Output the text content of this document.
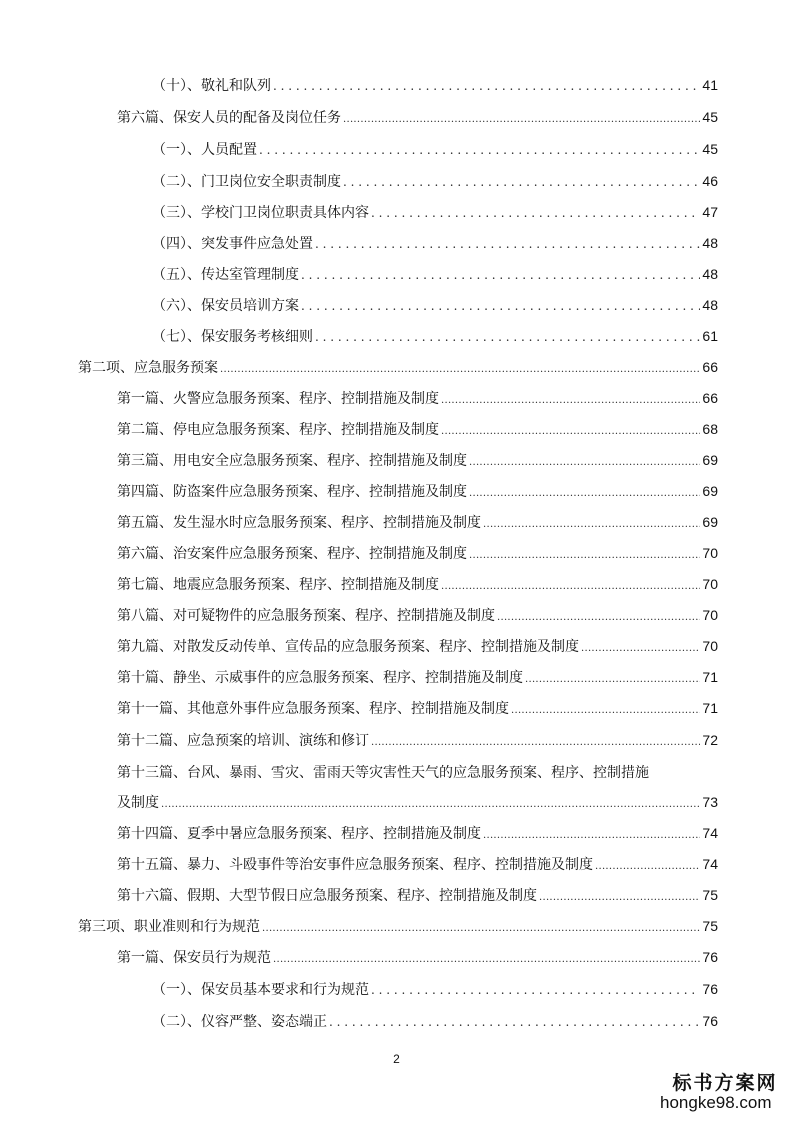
（十）、敬礼和队列 . . .	41
第六篇、保安人员的配备及岗位任务 .....	45
（一）、人员配置 . . .	45
（二）、门卫岗位安全职责制度 . . .	46
（三）、学校门卫岗位职责具体内容 . . .	47
（四）、突发事件应急处置 . . .	48
（五）、传达室管理制度 . . .	48
（六）、保安员培训方案 . . .	48
（七）、保安服务考核细则 . . .	61
第二项、应急服务预案 .....	66
第一篇、火警应急服务预案、程序、控制措施及制度 .....	66
第二篇、停电应急服务预案、程序、控制措施及制度 .....	68
第三篇、用电安全应急服务预案、程序、控制措施及制度 .....	69
第四篇、防盗案件应急服务预案、程序、控制措施及制度 .....	69
第五篇、发生湿水时应急服务预案、程序、控制措施及制度 .....	69
第六篇、治安案件应急服务预案、程序、控制措施及制度 .....	70
第七篇、地震应急服务预案、程序、控制措施及制度 .....	70
第八篇、对可疑物件的应急服务预案、程序、控制措施及制度 .....	70
第九篇、对散发反动传单、宣传品的应急服务预案、程序、控制措施及制度 .....	70
第十篇、静坐、示威事件的应急服务预案、程序、控制措施及制度 .....	71
第十一篇、其他意外事件应急服务预案、程序、控制措施及制度 .....	71
第十二篇、应急预案的培训、演练和修订 .....	72
第十三篇、台风、暴雨、雪灾、雷雨天等灾害性天气的应急服务预案、程序、控制措施
及制度 .....	73
第十四篇、夏季中暑应急服务预案、程序、控制措施及制度 .....	74
第十五篇、暴力、斗殴事件等治安事件应急服务预案、程序、控制措施及制度 .....	74
第十六篇、假期、大型节假日应急服务预案、程序、控制措施及制度 .....	75
第三项、职业准则和行为规范 .....	75
第一篇、保安员行为规范 .....	76
（一）、保安员基本要求和行为规范 . . .	76
（二）、仪容严整、姿态端正 . . .	76
2
标书方案网
hongke98.com
